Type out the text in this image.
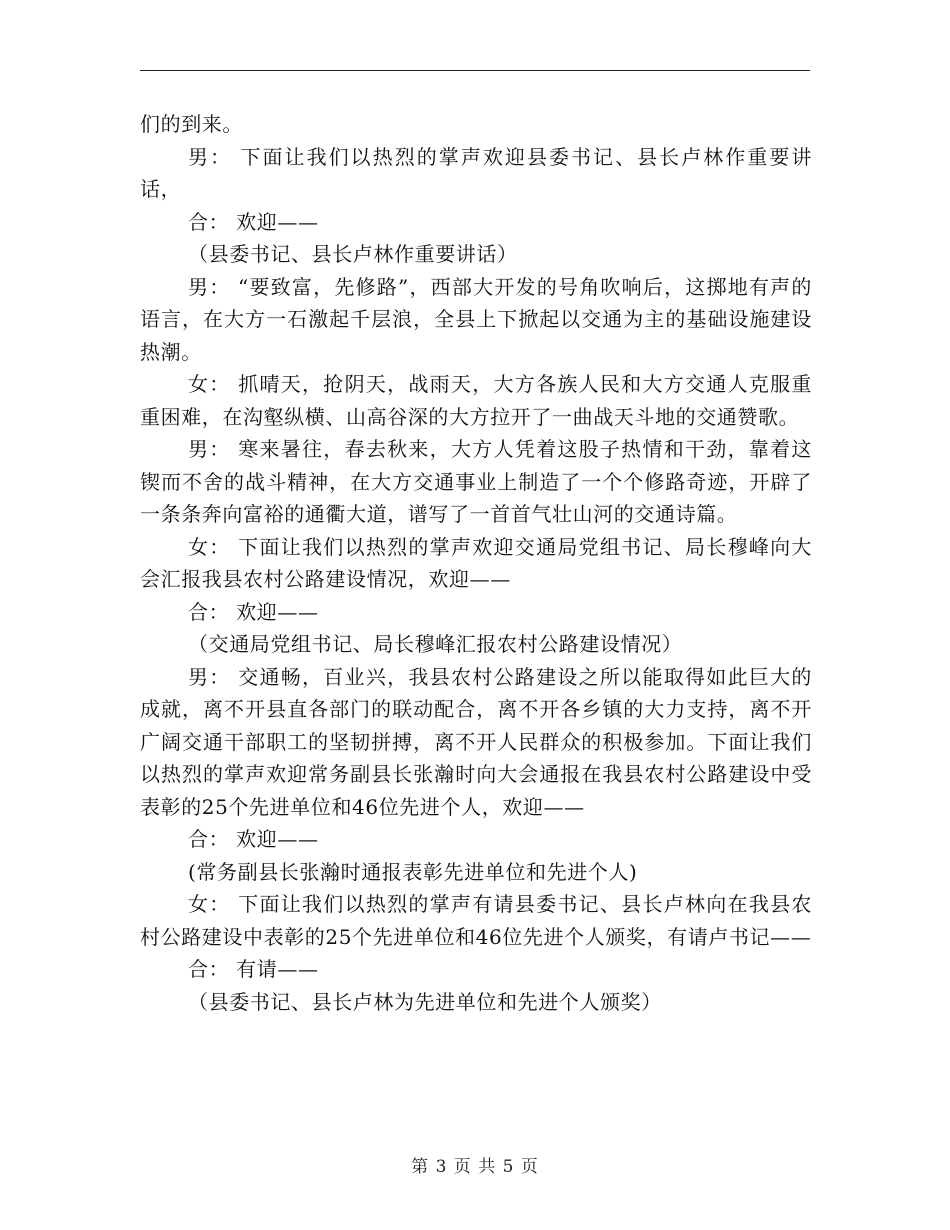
们的到来。

男： 下面让我们以热烈的掌声欢迎县委书记、县长卢林作重要讲话，

合： 欢迎——

（县委书记、县长卢林作重要讲话）

男： “要致富，先修路”，西部大开发的号角吹响后，这掷地有声的语言，在大方一石激起千层浪，全县上下掀起以交通为主的基础设施建设热潮。

女： 抓晴天，抢阴天，战雨天，大方各族人民和大方交通人克服重重困难，在沟壑纵横、山高谷深的大方拉开了一曲战天斗地的交通赞歌。

男： 寒来暑往，春去秋来，大方人凭着这股子热情和干劲，靠着这锲而不舍的战斗精神，在大方交通事业上制造了一个个修路奇迹，开辟了一条条奔向富裕的通衢大道，谱写了一首首气壮山河的交通诗篇。

女： 下面让我们以热烈的掌声欢迎交通局党组书记、局长穆峰向大会汇报我县农村公路建设情况，欢迎——

合： 欢迎——

（交通局党组书记、局长穆峰汇报农村公路建设情况）

男： 交通畅，百业兴，我县农村公路建设之所以能取得如此巨大的成就，离不开县直各部门的联动配合，离不开各乡镇的大力支持，离不开广阔交通干部职工的坚韧拼搏，离不开人民群众的积极参加。下面让我们以热烈的掌声欢迎常务副县长张瀚时向大会通报在我县农村公路建设中受表彰的25个先进单位和46位先进个人，欢迎——

合： 欢迎——

(常务副县长张瀚时通报表彰先进单位和先进个人)

女： 下面让我们以热烈的掌声有请县委书记、县长卢林向在我县农村公路建设中表彰的25个先进单位和46位先进个人颁奖，有请卢书记——

合： 有请——

（县委书记、县长卢林为先进单位和先进个人颁奖）

第 3 页 共 5 页
